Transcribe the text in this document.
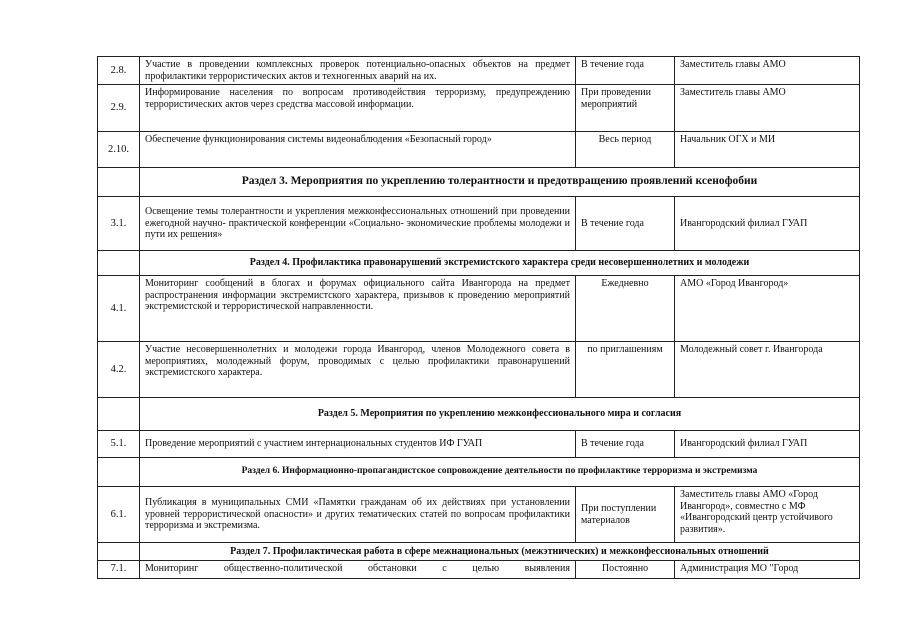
2.8.	Участие в проведении комплексных проверок потенциально-опасных объектов на предмет профилактики террористических актов и техногенных аварий на их.	В течение года	Заместитель главы АМО
2.9.	Информирование населения по вопросам противодействия терроризму, предупреждению террористических актов через средства массовой информации.	При проведении мероприятий	Заместитель главы АМО
2.10.	Обеспечение функционирования системы видеонаблюдения «Безопасный город»	Весь период	Начальник ОГХ и МИ
	Раздел 3. Мероприятия по укреплению толерантности и предотвращению проявлений ксенофобии		
3.1.	Освещение темы толерантности и укрепления межконфессиональных отношений при проведении ежегодной научно- практической конференции «Социально- экономические проблемы молодежи и пути их решения»	В течение года	Ивангородский филиал ГУАП
	Раздел 4. Профилактика правонарушений экстремистского характера среди несовершеннолетних и молодежи		
4.1.	Мониторинг сообщений в блогах и форумах официального сайта Ивангорода на предмет распространения информации экстремистского характера, призывов к проведению мероприятий экстремистской и террористической направленности.	Ежедневно	АМО «Город Ивангород»
4.2.	Участие несовершеннолетних и молодежи города Ивангород, членов Молодежного совета в мероприятиях, молодежный форум, проводимых с целью профилактики правонарушений экстремистского характера.	по приглашениям	Молодежный совет г. Ивангорода
	Раздел 5. Мероприятия по укреплению межконфессионального мира и согласия		
5.1.	Проведение мероприятий с участием интернациональных студентов ИФ ГУАП	В течение года	Ивангородский филиал ГУАП
	Раздел 6. Информационно-пропагандистское сопровождение деятельности по профилактике терроризма и экстремизма		
6.1.	Публикация в муниципальных СМИ «Памятки гражданам об их действиях при установлении уровней террористической опасности» и других тематических статей по вопросам профилактики терроризма и экстремизма.	При поступлении материалов	Заместитель главы АМО «Город Ивангород», совместно с МФ «Ивангородский центр устойчивого развития».
	Раздел 7. Профилактическая работа в сфере межнациональных (межэтнических) и межконфессиональных отношений		
7.1.	Мониторинг общественно-политической обстановки с целью выявления	Постоянно	Администрация МО "Город
